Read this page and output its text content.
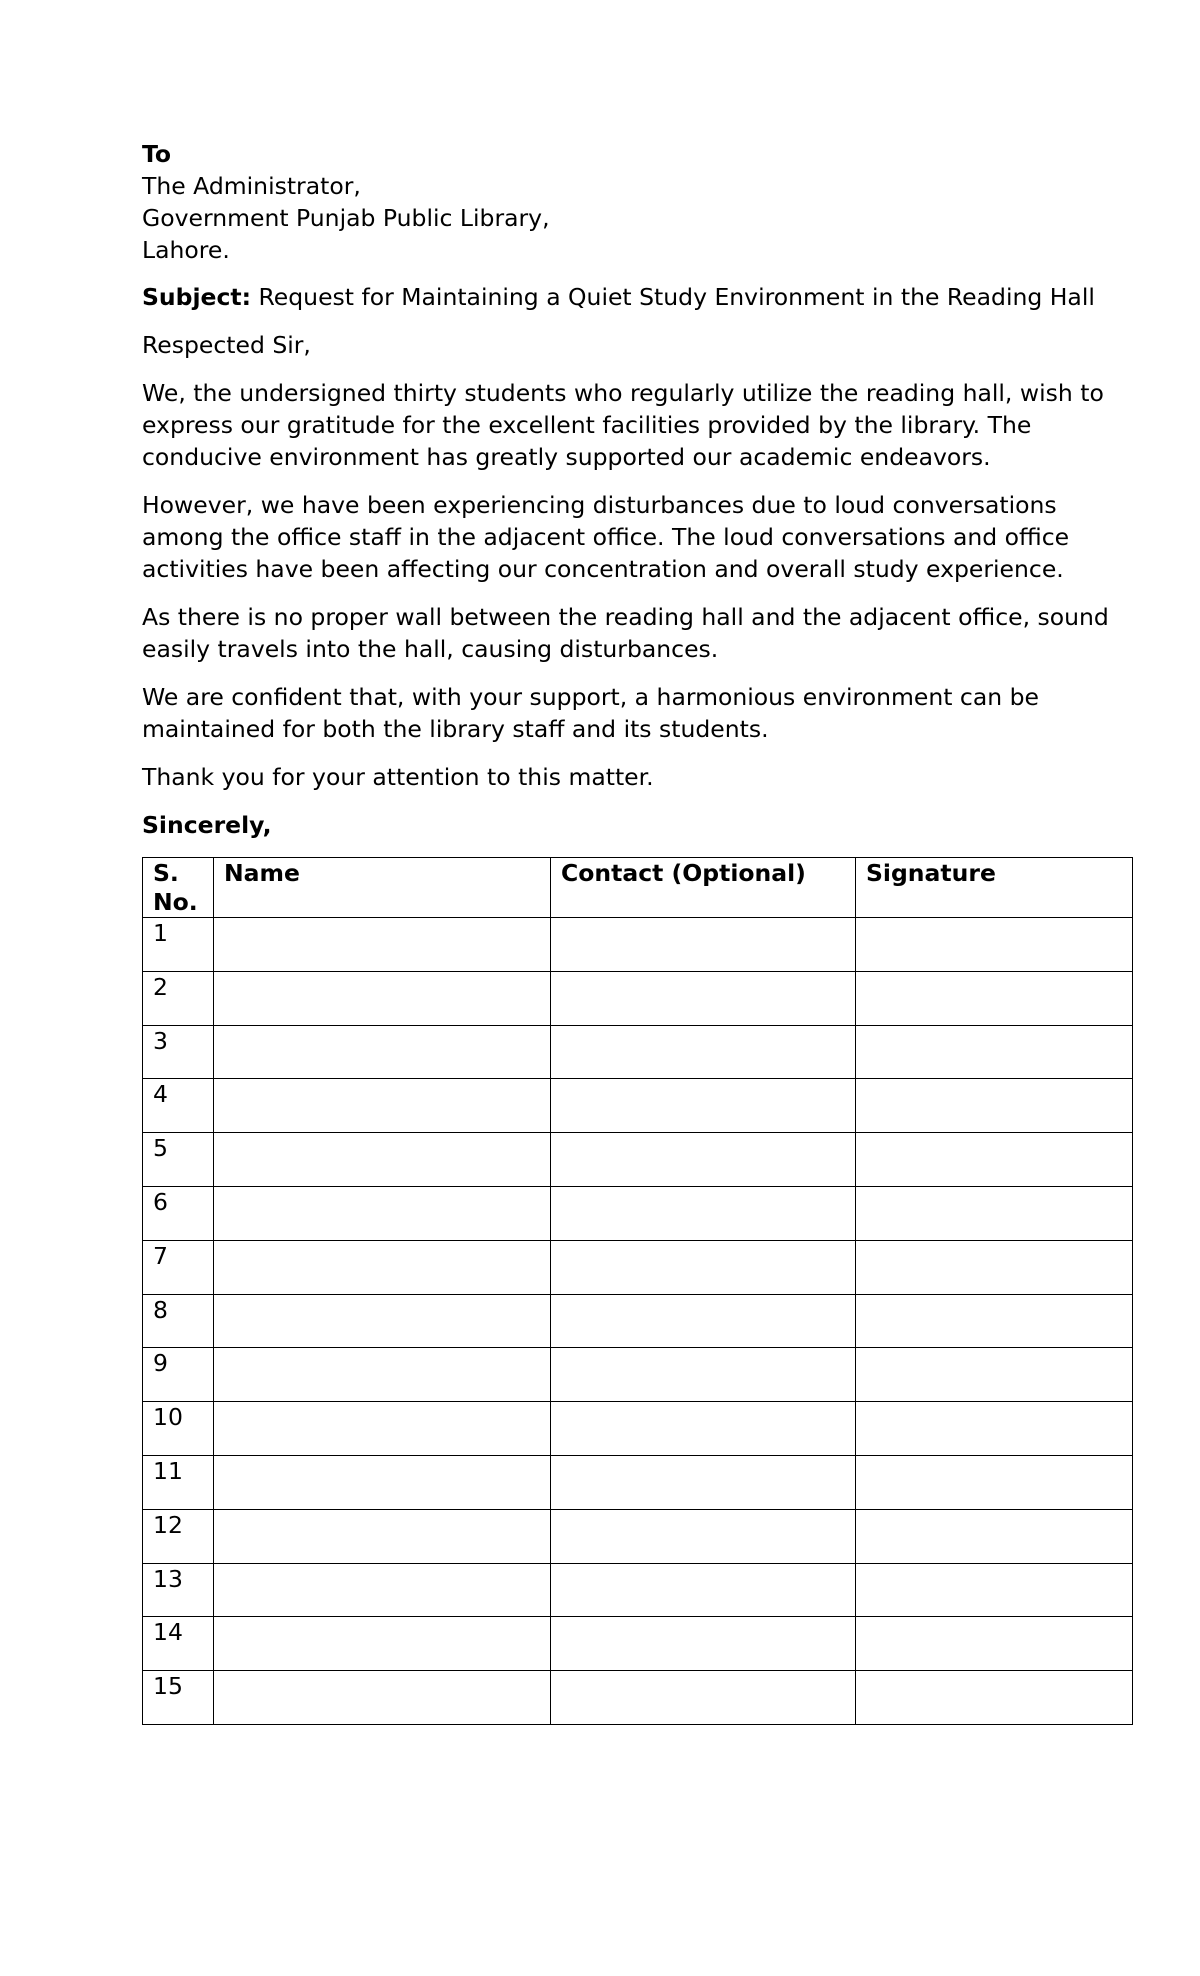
To
The Administrator,
Government Punjab Public Library,
Lahore.

Subject: Request for Maintaining a Quiet Study Environment in the Reading Hall

Respected Sir,

We, the undersigned thirty students who regularly utilize the reading hall, wish to express our gratitude for the excellent facilities provided by the library. The conducive environment has greatly supported our academic endeavors.

However, we have been experiencing disturbances due to loud conversations among the office staff in the adjacent office. The loud conversations and office activities have been affecting our concentration and overall study experience.

As there is no proper wall between the reading hall and the adjacent office, sound easily travels into the hall, causing disturbances.

We are confident that, with your support, a harmonious environment can be maintained for both the library staff and its students.

Thank you for your attention to this matter.

Sincerely,

S. No.	Name	Contact (Optional)	Signature
1			
2			
3			
4			
5			
6			
7			
8			
9			
10			
11			
12			
13			
14			
15			
